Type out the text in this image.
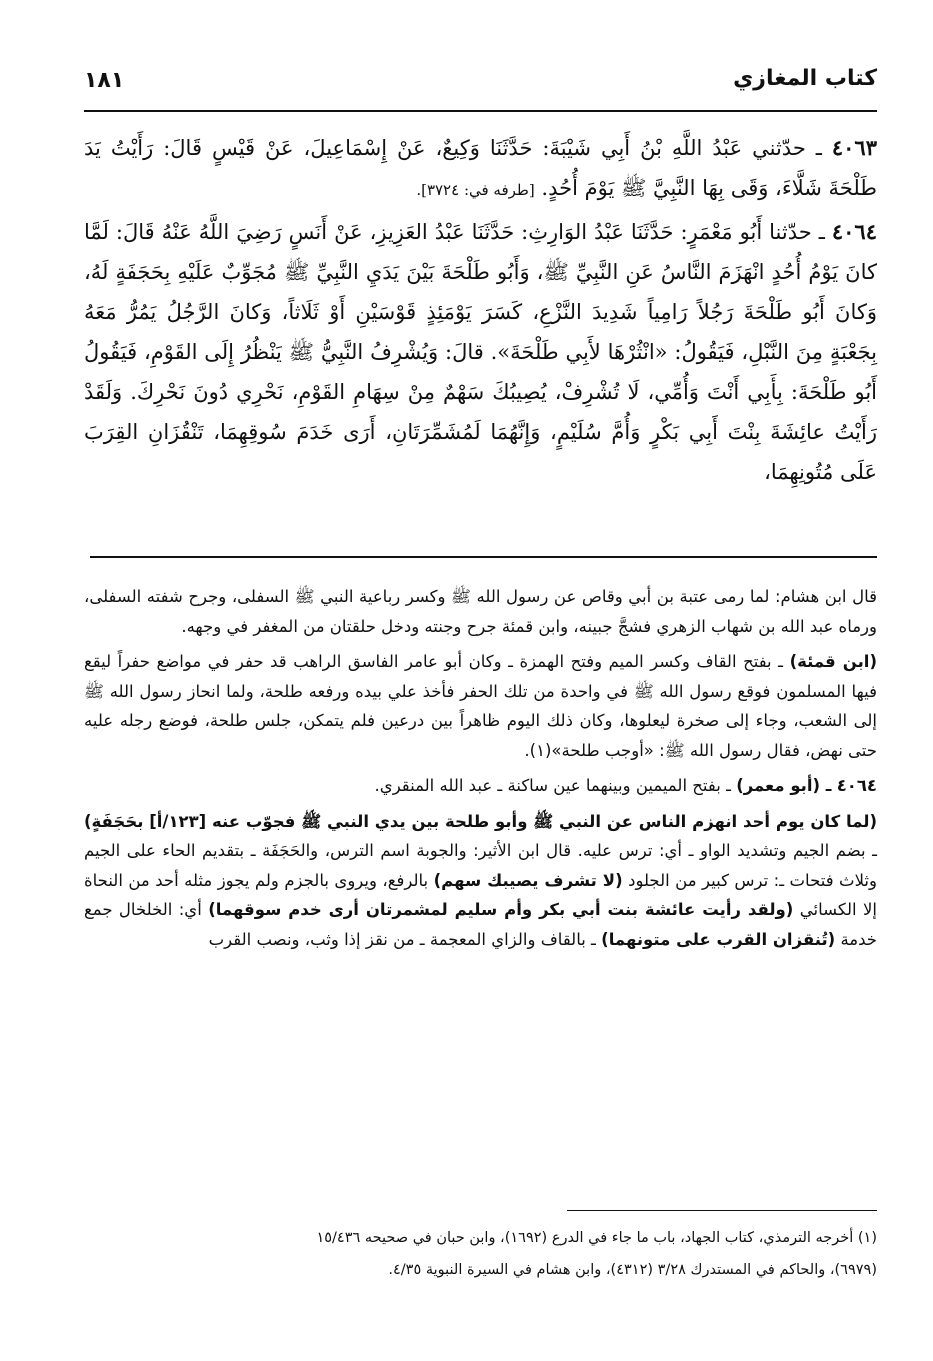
كتاب المغازي
١٨١

٤٠٦٣ ـ حدّثني عَبْدُ اللَّهِ بْنُ أَبِي شَيْبَةَ: حَدَّثَنَا وَكِيعٌ، عَنْ إِسْمَاعِيلَ، عَنْ قَيْسٍ قَالَ: رَأَيْتُ يَدَ طَلْحَةَ شَلَّاءَ، وَقَى بِهَا النَّبِيَّ ﷺ يَوْمَ أُحُدٍ. [طرفه في: ٣٧٢٤].

٤٠٦٤ ـ حدّثنا أَبُو مَعْمَرٍ: حَدَّثَنَا عَبْدُ الوَارِثِ: حَدَّثَنَا عَبْدُ العَزِيزِ، عَنْ أَنَسٍ رَضِيَ اللَّهُ عَنْهُ قَالَ: لَمَّا كانَ يَوْمُ أُحُدٍ انْهَزَمَ النَّاسُ عَنِ النَّبِيِّ ﷺ، وَأَبُو طَلْحَةَ بَيْنَ يَدَيِ النَّبِيِّ ﷺ مُجَوِّبٌ عَلَيْهِ بِحَجَفَةٍ لَهُ، وَكانَ أَبُو طَلْحَةَ رَجُلاً رَامِياً شَدِيدَ النَّزْعِ، كَسَرَ يَوْمَئِذٍ قَوْسَيْنِ أَوْ ثَلَاثاً، وَكانَ الرَّجُلُ يَمُرُّ مَعَهُ بِجَعْبَةٍ مِنَ النَّبْلِ، فَيَقُولُ: «انْثُرْهَا لأَبِي طَلْحَةَ». قالَ: وَيُشْرِفُ النَّبِيُّ ﷺ يَنْظُرُ إِلَى القَوْمِ، فَيَقُولُ أَبُو طَلْحَةَ: بِأَبِي أَنْتَ وَأُمِّي، لَا تُشْرِفْ، يُصِيبُكَ سَهْمٌ مِنْ سِهَامِ القَوْمِ، نَحْرِي دُونَ نَحْرِكَ. وَلَقَدْ رَأَيْتُ عائِشَةَ بِنْتَ أَبِي بَكْرٍ وَأُمَّ سُلَيْمٍ، وَإِنَّهُمَا لَمُشَمِّرَتَانِ، أَرَى خَدَمَ سُوقِهِمَا، تَنْقُزَانِ القِرَبَ عَلَى مُتُونِهِمَا،

قال ابن هشام: لما رمى عتبة بن أبي وقاص عن رسول الله ﷺ وكسر رباعية النبي ﷺ السفلى، وجرح شفته السفلى، ورماه عبد الله بن شهاب الزهري فشجَّ جبينه، وابن قمئة جرح وجنته ودخل حلقتان من المغفر في وجهه.

(ابن قمئة) ـ بفتح القاف وكسر الميم وفتح الهمزة ـ وكان أبو عامر الفاسق الراهب قد حفر في مواضع حفراً ليقع فيها المسلمون فوقع رسول الله ﷺ في واحدة من تلك الحفر فأخذ علي بيده ورفعه طلحة، ولما انحاز رسول الله ﷺ إلى الشعب، وجاء إلى صخرة ليعلوها، وكان ذلك اليوم ظاهراً بين درعين فلم يتمكن، جلس طلحة، فوضع رجله عليه حتى نهض، فقال رسول الله ﷺ: «أوجب طلحة»(١).

٤٠٦٤ ـ (أبو معمر) ـ بفتح الميمين وبينهما عين ساكنة ـ عبد الله المنقري.

(لما كان يوم أحد انهزم الناس عن النبي ﷺ وأبو طلحة بين يدي النبي ﷺ فجوّب عنه [١٢٣/أ] بحَجَفَةٍ) ـ بضم الجيم وتشديد الواو ـ أي: ترس عليه. قال ابن الأثير: والجوبة اسم الترس، والحَجَفَة ـ بتقديم الحاء على الجيم وثلاث فتحات ـ: ترس كبير من الجلود (لا تشرف يصيبك سهم) بالرفع، ويروى بالجزم ولم يجوز مثله أحد من النحاة إلا الكسائي (ولقد رأيت عائشة بنت أبي بكر وأم سليم لمشمرتان أرى خدم سوقهما) أي: الخلخال جمع خدمة (تُنقزان القرب على متونهما) ـ بالقاف والزاي المعجمة ـ من نقز إذا وثب، ونصب القرب

(١) أخرجه الترمذي، كتاب الجهاد، باب ما جاء في الدرع (١٦٩٢)، وابن حبان في صحيحه ١٥/٤٣٦

(٦٩٧٩)، والحاكم في المستدرك ٣/٢٨ (٤٣١٢)، وابن هشام في السيرة النبوية ٤/٣٥.
